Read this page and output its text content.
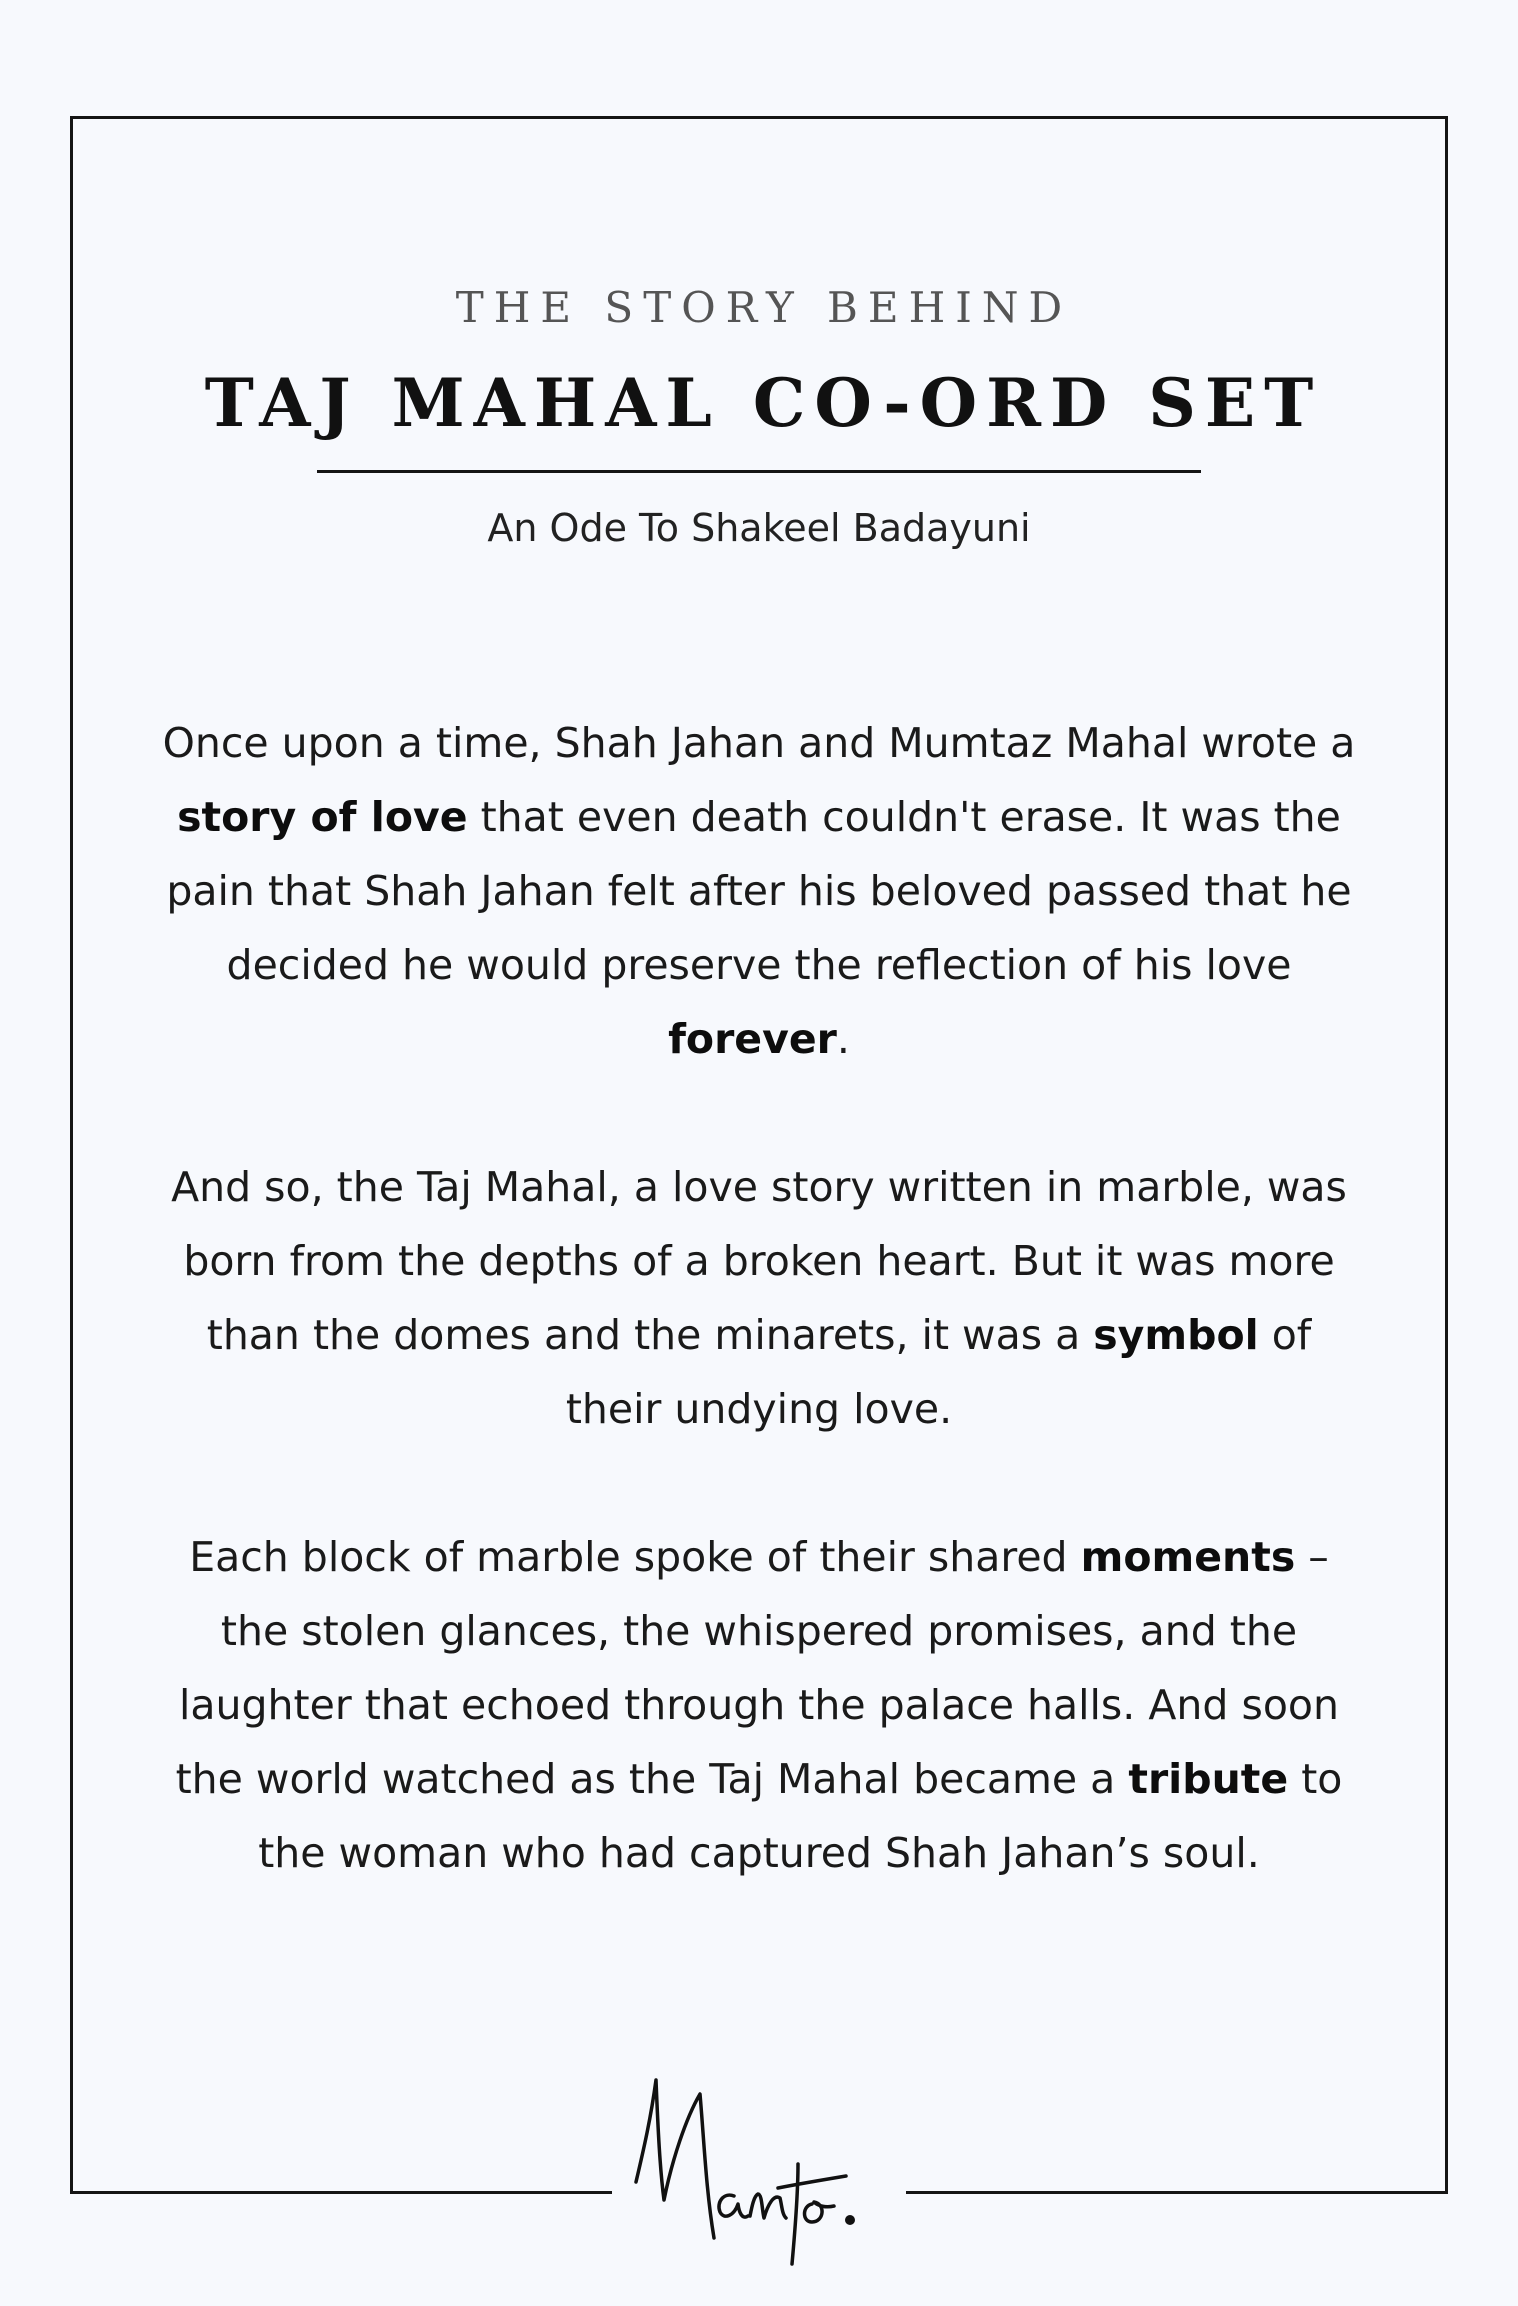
THE STORY BEHIND

TAJ MAHAL CO-ORD SET

An Ode To Shakeel Badayuni

Once upon a time, Shah Jahan and Mumtaz Mahal wrote a story of love that even death couldn't erase. It was the pain that Shah Jahan felt after his beloved passed that he decided he would preserve the reflection of his love forever.

And so, the Taj Mahal, a love story written in marble, was born from the depths of a broken heart. But it was more than the domes and the minarets, it was a symbol of their undying love.

Each block of marble spoke of their shared moments – the stolen glances, the whispered promises, and the laughter that echoed through the palace halls. And soon the world watched as the Taj Mahal became a tribute to the woman who had captured Shah Jahan’s soul.
